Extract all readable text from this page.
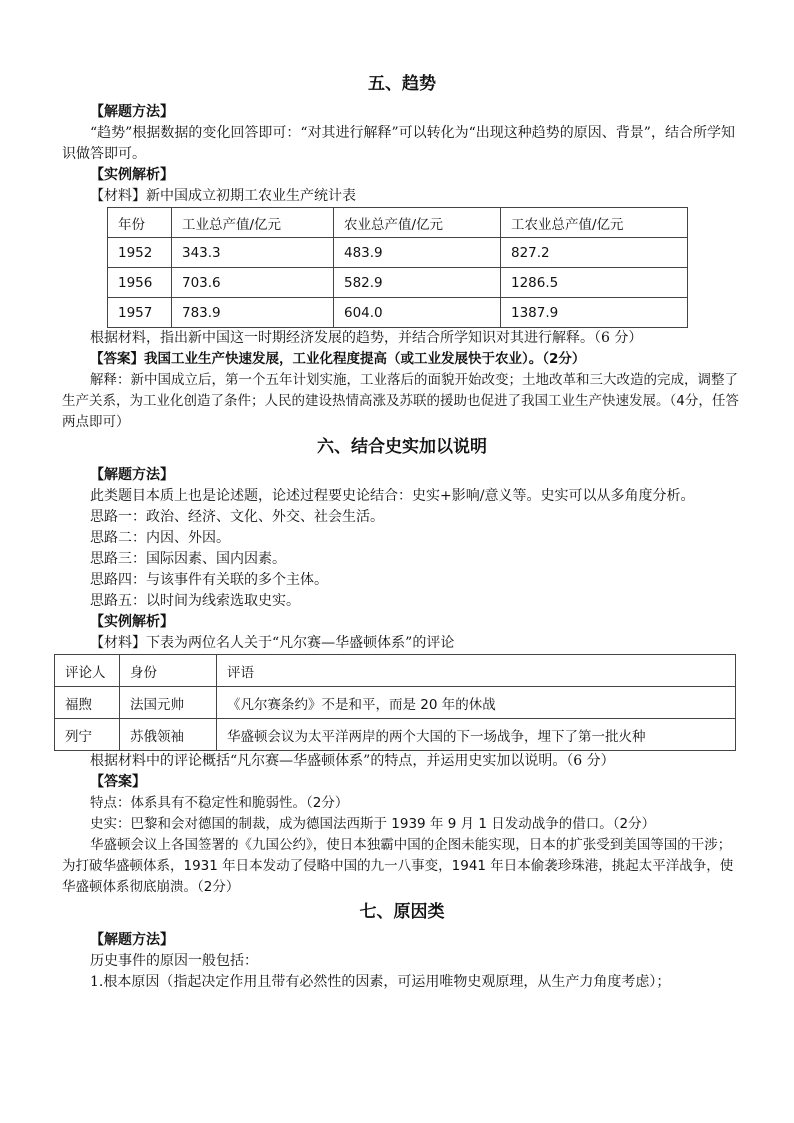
五、趋势

【解题方法】

“趋势”根据数据的变化回答即可：“对其进行解释”可以转化为“出现这种趋势的原因、背景”，结合所学知识做答即可。

【实例解析】

【材料】新中国成立初期工农业生产统计表

年份	工业总产值/亿元	农业总产值/亿元	工农业总产值/亿元
1952	343.3	483.9	827.2
1956	703.6	582.9	1286.5
1957	783.9	604.0	1387.9

根据材料，指出新中国这一时期经济发展的趋势，并结合所学知识对其进行解释。（6 分）

【答案】我国工业生产快速发展，工业化程度提高（或工业发展快于农业）。（2分）

解释：新中国成立后，第一个五年计划实施，工业落后的面貌开始改变；土地改革和三大改造的完成，调整了生产关系，为工业化创造了条件；人民的建设热情高涨及苏联的援助也促进了我国工业生产快速发展。（4分，任答两点即可）

六、结合史实加以说明

【解题方法】

此类题目本质上也是论述题，论述过程要史论结合：史实+影响/意义等。史实可以从多角度分析。

思路一：政治、经济、文化、外交、社会生活。

思路二：内因、外因。

思路三：国际因素、国内因素。

思路四：与该事件有关联的多个主体。

思路五：以时间为线索选取史实。

【实例解析】

【材料】下表为两位名人关于“凡尔赛—华盛顿体系”的评论

评论人	身份	评语
福煦	法国元帅	《凡尔赛条约》不是和平，而是 20 年的休战
列宁	苏俄领袖	华盛顿会议为太平洋两岸的两个大国的下一场战争，埋下了第一批火种

根据材料中的评论概括“凡尔赛—华盛顿体系”的特点，并运用史实加以说明。（6 分）

【答案】

特点：体系具有不稳定性和脆弱性。（2分）

史实：巴黎和会对德国的制裁，成为德国法西斯于 1939 年 9 月 1 日发动战争的借口。（2分）

华盛顿会议上各国签署的《九国公约》，使日本独霸中国的企图未能实现，日本的扩张受到美国等国的干涉；为打破华盛顿体系，1931 年日本发动了侵略中国的九一八事变，1941 年日本偷袭珍珠港，挑起太平洋战争，使华盛顿体系彻底崩溃。（2分）

七、原因类

【解题方法】

历史事件的原因一般包括：

1.根本原因（指起决定作用且带有必然性的因素，可运用唯物史观原理，从生产力角度考虑）；
